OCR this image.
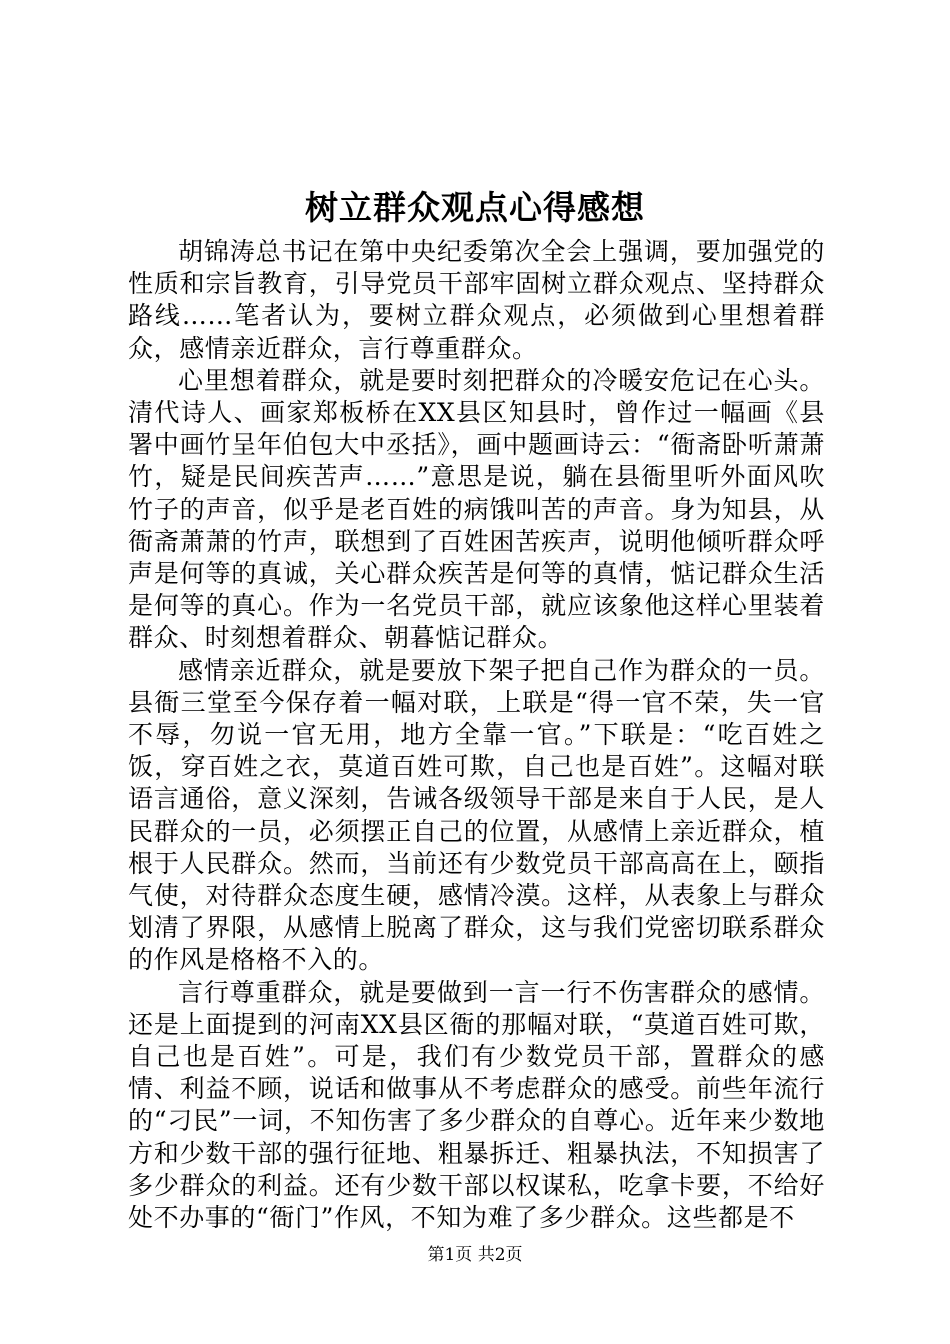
树立群众观点心得感想

胡锦涛总书记在第中央纪委第次全会上强调，要加强党的性质和宗旨教育，引导党员干部牢固树立群众观点、坚持群众路线……笔者认为，要树立群众观点，必须做到心里想着群众，感情亲近群众，言行尊重群众。

心里想着群众，就是要时刻把群众的冷暖安危记在心头。清代诗人、画家郑板桥在XX县区知县时，曾作过一幅画《县署中画竹呈年伯包大中丞括》，画中题画诗云：“衙斋卧听萧萧竹，疑是民间疾苦声……”意思是说，躺在县衙里听外面风吹竹子的声音，似乎是老百姓的病饿叫苦的声音。身为知县，从衙斋萧萧的竹声，联想到了百姓困苦疾声，说明他倾听群众呼声是何等的真诚，关心群众疾苦是何等的真情，惦记群众生活是何等的真心。作为一名党员干部，就应该象他这样心里装着群众、时刻想着群众、朝暮惦记群众。

感情亲近群众，就是要放下架子把自己作为群众的一员。县衙三堂至今保存着一幅对联，上联是“得一官不荣，失一官不辱，勿说一官无用，地方全靠一官。”下联是：“吃百姓之饭，穿百姓之衣，莫道百姓可欺，自己也是百姓”。这幅对联语言通俗，意义深刻，告诫各级领导干部是来自于人民，是人民群众的一员，必须摆正自己的位置，从感情上亲近群众，植根于人民群众。然而，当前还有少数党员干部高高在上，颐指气使，对待群众态度生硬，感情冷漠。这样，从表象上与群众划清了界限，从感情上脱离了群众，这与我们党密切联系群众的作风是格格不入的。

言行尊重群众，就是要做到一言一行不伤害群众的感情。还是上面提到的河南XX县区衙的那幅对联，“莫道百姓可欺，自己也是百姓”。可是，我们有少数党员干部，置群众的感情、利益不顾，说话和做事从不考虑群众的感受。前些年流行的“刁民”一词，不知伤害了多少群众的自尊心。近年来少数地方和少数干部的强行征地、粗暴拆迁、粗暴执法，不知损害了多少群众的利益。还有少数干部以权谋私，吃拿卡要，不给好处不办事的“衙门”作风，不知为难了多少群众。这些都是不

第1页 共2页
